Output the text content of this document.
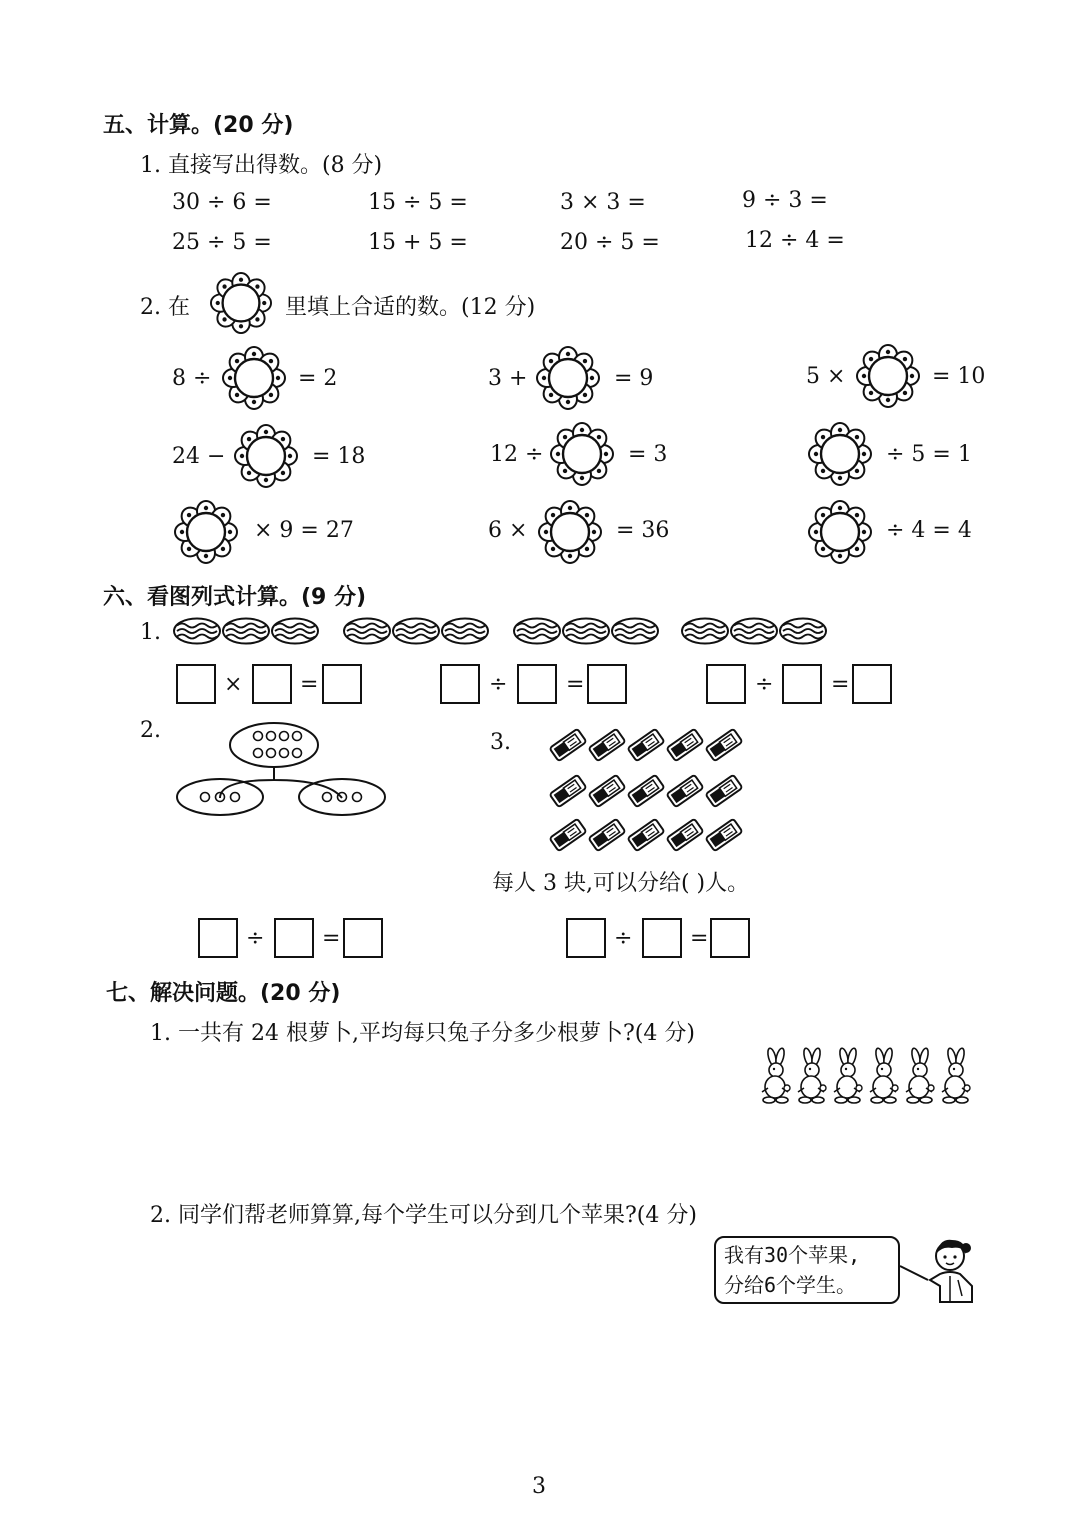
五、计算。(20 分)
1. 直接写出得数。(8 分)
30 ÷ 6 =	15 ÷ 5 =	3 × 3 =	9 ÷ 3 =
25 ÷ 5 =	15 + 5 =	20 ÷ 5 =	12 ÷ 4 =
2. 在	里填上合适的数。(12 分)
8 ÷	= 2	3 +	= 9	5 ×	= 10
24 −	= 18	12 ÷	= 3	÷ 5 = 1
× 9 = 27	6 ×	= 36	÷ 4 = 4
六、看图列式计算。(9 分)
1.
×	=	÷	=	÷	=
2.	3.
每人 3 块,可以分给( )人。
÷	=	÷	=
七、解决问题。(20 分)
1. 一共有 24 根萝卜,平均每只兔子分多少根萝卜?(4 分)
2. 同学们帮老师算算,每个学生可以分到几个苹果?(4 分)
我有30个苹果,
分给6个学生。
3
